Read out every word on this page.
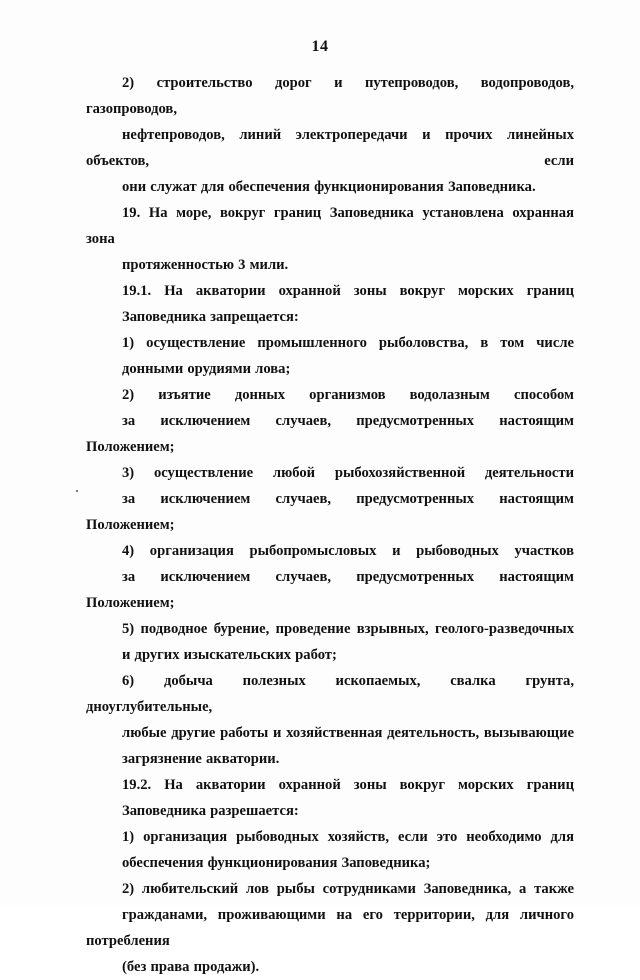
14
2) строительство дорог и путепроводов, водопроводов, газопроводов,
нефтепроводов, линий электропередачи и прочих линейных объектов, если
они служат для обеспечения функционирования Заповедника.
19. На море, вокруг границ Заповедника установлена охранная зона
протяженностью 3 мили.
19.1. На акватории охранной зоны вокруг морских границ
Заповедника запрещается:
1) осуществление промышленного рыболовства, в том числе
донными орудиями лова;
2) изъятие донных организмов водолазным способом
за исключением случаев, предусмотренных настоящим Положением;
3) осуществление любой рыбохозяйственной деятельности
за исключением случаев, предусмотренных настоящим Положением;
4) организация рыбопромысловых и рыбоводных участков
за исключением случаев, предусмотренных настоящим Положением;
5) подводное бурение, проведение взрывных, геолого-разведочных
и других изыскательских работ;
6) добыча полезных ископаемых, свалка грунта, дноуглубительные,
любые другие работы и хозяйственная деятельность, вызывающие
загрязнение акватории.
19.2. На акватории охранной зоны вокруг морских границ
Заповедника разрешается:
1) организация рыбоводных хозяйств, если это необходимо для
обеспечения функционирования Заповедника;
2) любительский лов рыбы сотрудниками Заповедника, а также
гражданами, проживающими на его территории, для личного потребления
(без права продажи).
